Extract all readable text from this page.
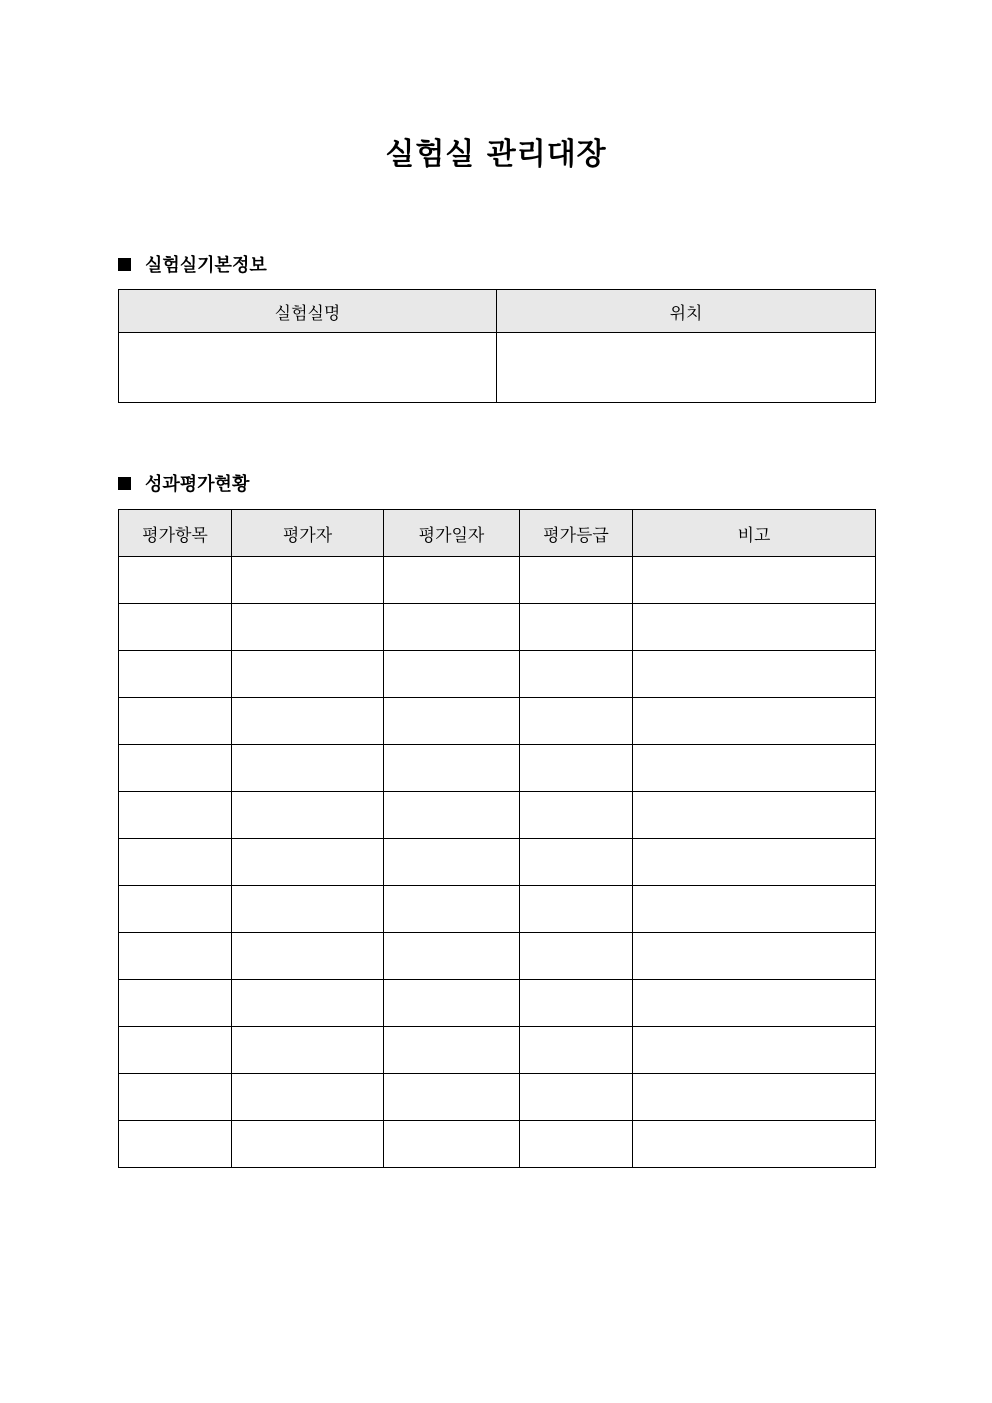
실험실 관리대장
실험실기본정보
실험실명	위치

성과평가현황
평가항목	평가자	평가일자	평가등급	비고
